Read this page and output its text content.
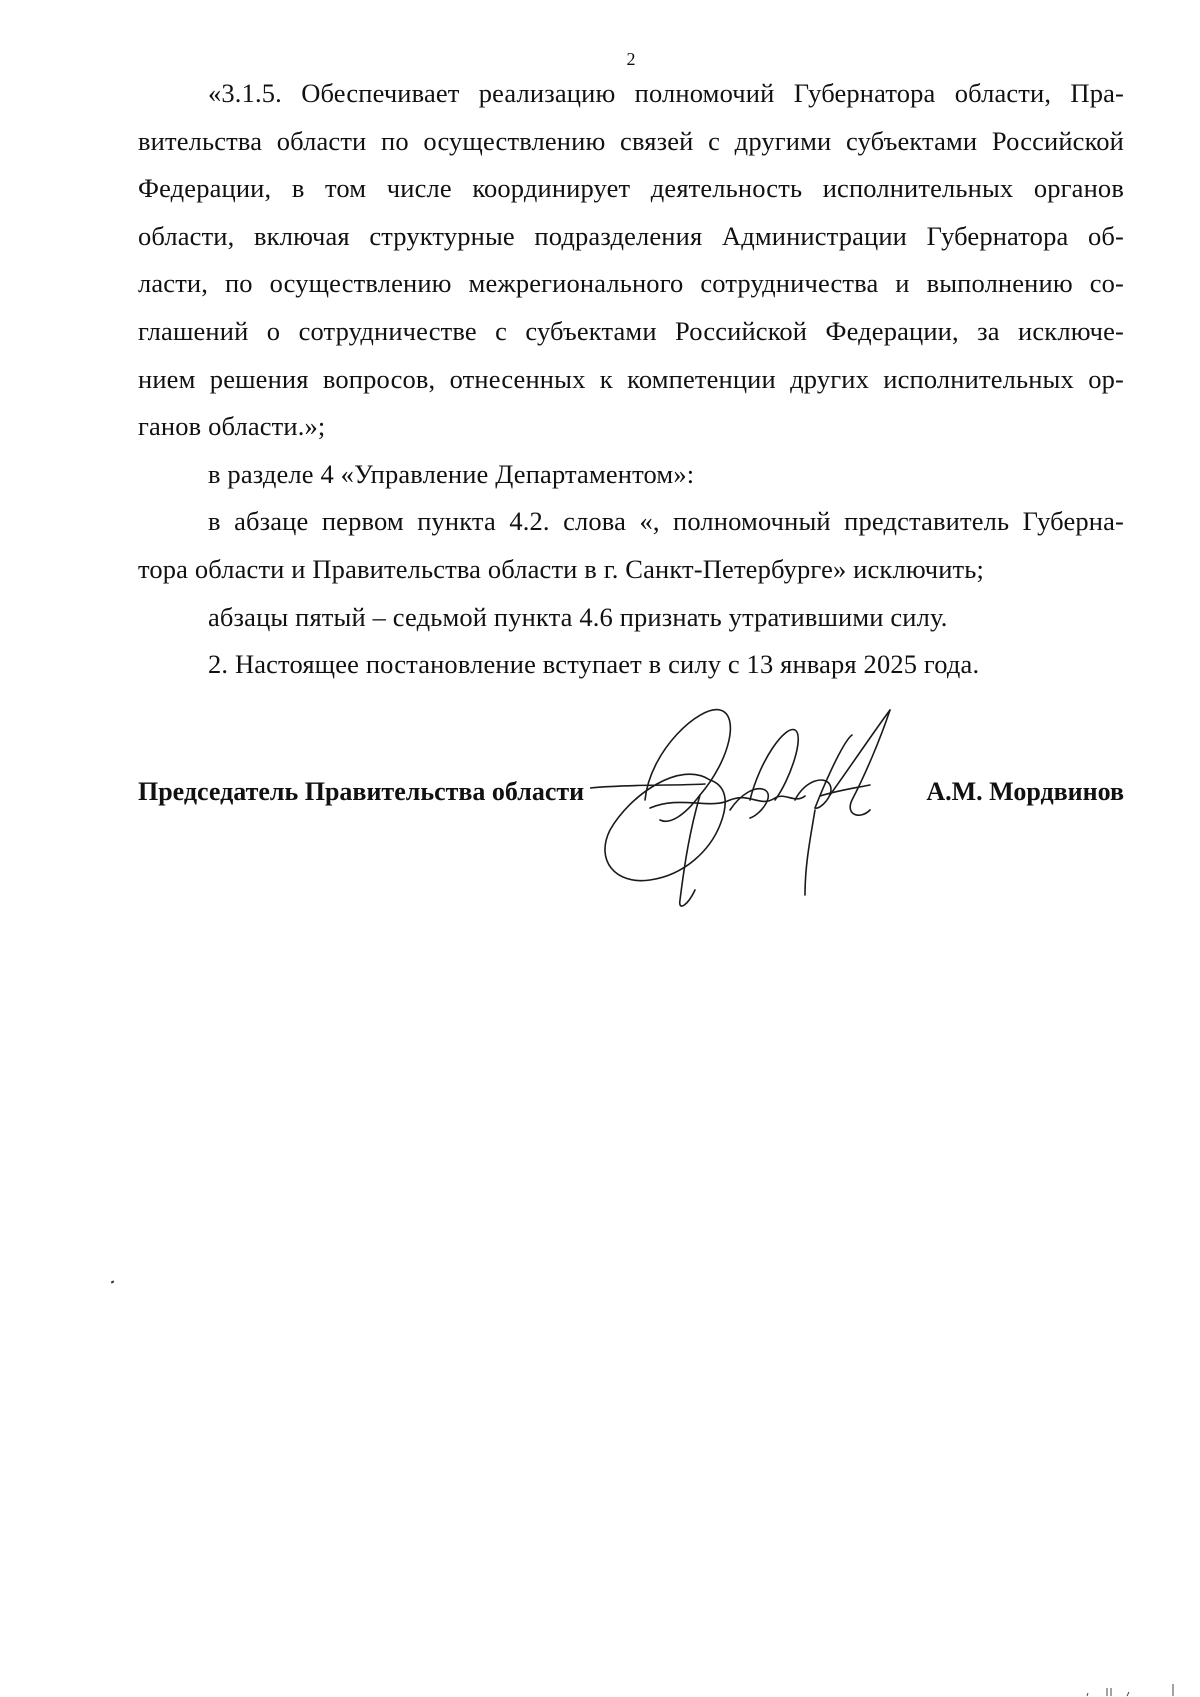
2
«3.1.5. Обеспечивает реализацию полномочий Губернатора области, Пра-
вительства области по осуществлению связей с другими субъектами Российской
Федерации, в том числе координирует деятельность исполнительных органов
области, включая структурные подразделения Администрации Губернатора об-
ласти, по осуществлению межрегионального сотрудничества и выполнению со-
глашений о сотрудничестве с субъектами Российской Федерации, за исключе-
нием решения вопросов, отнесенных к компетенции других исполнительных ор-
ганов области.»;
в разделе 4 «Управление Департаментом»:
в абзаце первом пункта 4.2. слова «, полномочный представитель Губерна-
тора области и Правительства области в г. Санкт-Петербурге» исключить;
абзацы пятый – седьмой пункта 4.6 признать утратившими силу.
2. Настоящее постановление вступает в силу с 13 января 2025 года.
Председатель Правительства области	А.М. Мордвинов
